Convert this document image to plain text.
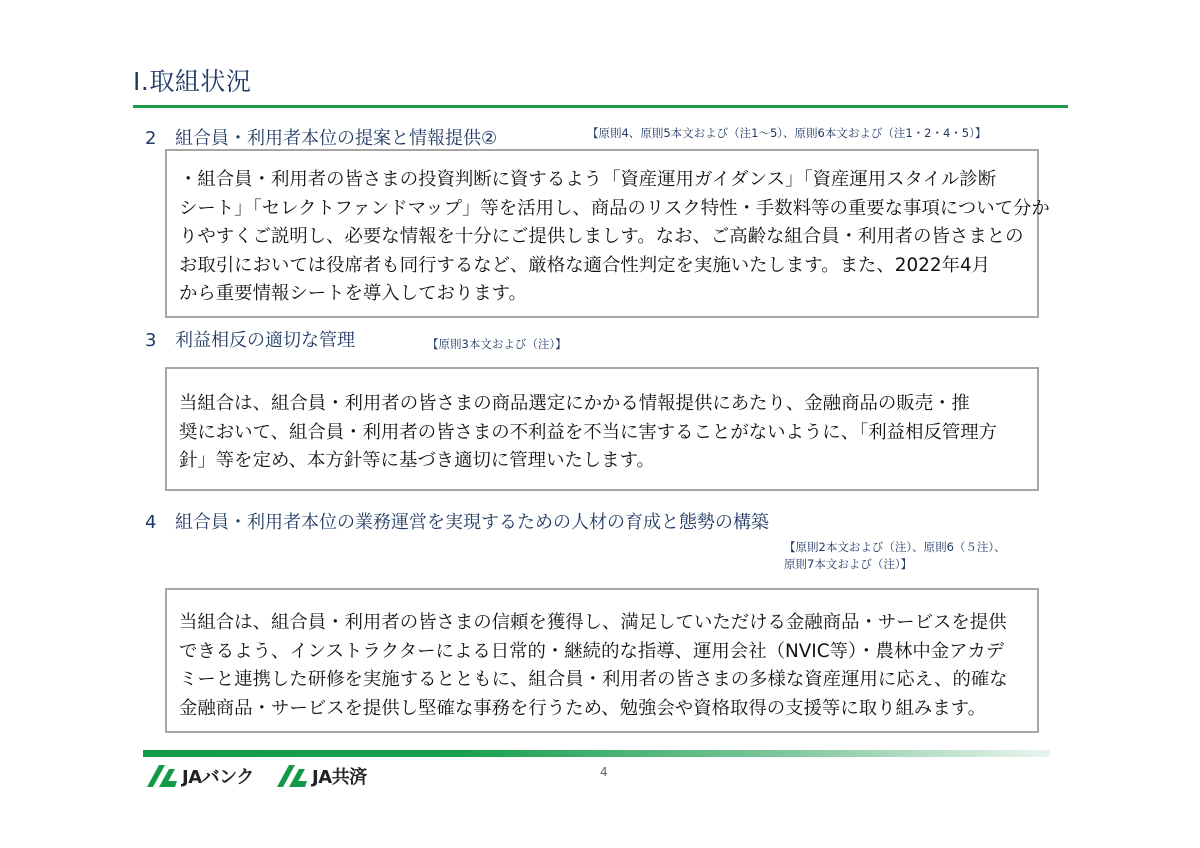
Ⅰ.取組状況
2 組合員・利用者本位の提案と情報提供②	【原則4、原則5本文および（注1～5）、原則6本文および（注1・2・4・5）】

・組合員・利用者の皆さまの投資判断に資するよう「資産運用ガイダンス」「資産運用スタイル診断

シート」「セレクトファンドマップ」等を活用し、商品のリスク特性・手数料等の重要な事項について分か

りやすくご説明し、必要な情報を十分にご提供しましす。なお、ご高齢な組合員・利用者の皆さまとの

お取引においては役席者も同行するなど、厳格な適合性判定を実施いたします。また、2022年4月

から重要情報シートを導入しております。

3 利益相反の適切な管理	【原則3本文および（注）】

当組合は、組合員・利用者の皆さまの商品選定にかかる情報提供にあたり、金融商品の販売・推

奨において、組合員・利用者の皆さまの不利益を不当に害することがないように、「利益相反管理方

針」等を定め、本方針等に基づき適切に管理いたします。

4 組合員・利用者本位の業務運営を実現するための人材の育成と態勢の構築
【原則2本文および（注）、原則6（５注）、
原則7本文および（注）】

当組合は、組合員・利用者の皆さまの信頼を獲得し、満足していただける金融商品・サービスを提供

できるよう、インストラクターによる日常的・継続的な指導、運用会社（NVIC等）・農林中金アカデ

ミーと連携した研修を実施するとともに、組合員・利用者の皆さまの多様な資産運用に応え、的確な

金融商品・サービスを提供し堅確な事務を行うため、勉強会や資格取得の支援等に取り組みます。

JAバンク	JA共済	4
